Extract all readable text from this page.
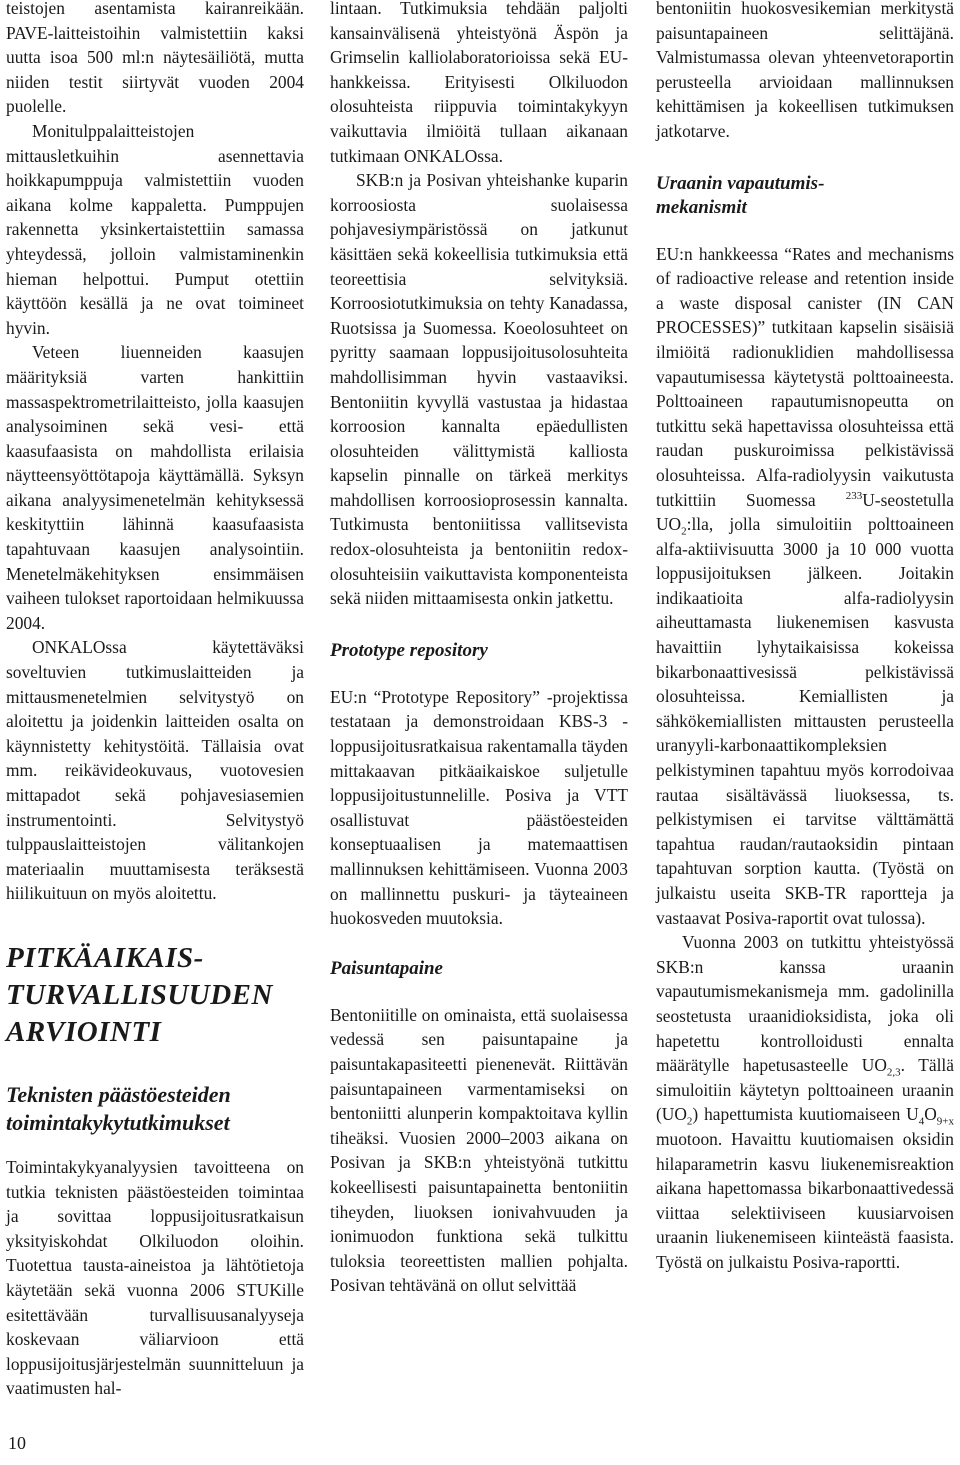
teistojen asentamista kairanreikään. PAVE-laitteistoihin valmistettiin kaksi uutta isoa 500 ml:n näytesäiliötä, mutta niiden testit siirtyvät vuoden 2004 puolelle.

Monitulppalaitteistojen mittausletkuihin asennettavia hoikkapumppuja valmistettiin vuoden aikana kolme kappaletta. Pumppujen rakennetta yksinkertaistettiin samassa yhteydessä, jolloin valmistaminenkin hieman helpottui. Pumput otettiin käyttöön kesällä ja ne ovat toimineet hyvin.

Veteen liuenneiden kaasujen määrityksiä varten hankittiin massaspektrometrilaitteisto, jolla kaasujen analysoiminen sekä vesi- että kaasufaasista on mahdollista erilaisia näytteensyöttötapoja käyttämällä. Syksyn aikana analyysimenetelmän kehityksessä keskityttiin lähinnä kaasufaasista tapahtuvaan kaasujen analysointiin. Menetelmäkehityksen ensimmäisen vaiheen tulokset raportoidaan helmikuussa 2004.

ONKALOssa käytettäväksi soveltuvien tutkimuslaitteiden ja mittausmenetelmien selvitystyö on aloitettu ja joidenkin laitteiden osalta on käynnistetty kehitystöitä. Tällaisia ovat mm. reikävideokuvaus, vuotovesien mittapadot sekä pohjavesiasemien instrumentointi. Selvitystyö tulppauslaitteistojen välitankojen materiaalin muuttamisesta teräksestä hiilikuituun on myös aloitettu.

PITKÄAIKAIS-TURVALLISUUDEN ARVIOINTI
Teknisten päästöesteiden toimintakykytutkimukset

Toimintakykyanalyysien tavoitteena on tutkia teknisten päästöesteiden toimintaa ja sovittaa loppusijoitusratkaisun yksityiskohdat Olkiluodon oloihin. Tuotettua tausta-aineistoa ja lähtötietoja käytetään sekä vuonna 2006 STUKille esitettävään turvallisuusanalyyseja koskevaan väliarvioon että loppusijoitusjärjestelmän suunnitteluun ja vaatimusten hal-

lintaan. Tutkimuksia tehdään paljolti kansainvälisenä yhteistyönä Äspön ja Grimselin kalliolaboratorioissa sekä EU-hankkeissa. Erityisesti Olkiluodon olosuhteista riippuvia toimintakykyyn vaikuttavia ilmiöitä tullaan aikanaan tutkimaan ONKALOssa.

SKB:n ja Posivan yhteishanke kuparin korroosiosta suolaisessa pohjavesiympäristössä on jatkunut käsittäen sekä kokeellisia tutkimuksia että teoreettisia selvityksiä. Korroosiotutkimuksia on tehty Kanadassa, Ruotsissa ja Suomessa. Koeolosuhteet on pyritty saamaan loppusijoitusolosuhteita mahdollisimman hyvin vastaaviksi. Bentoniitin kyvyllä vastustaa ja hidastaa korroosion kannalta epäedullisten olosuhteiden välittymistä kalliosta kapselin pinnalle on tärkeä merkitys mahdollisen korroosioprosessin kannalta. Tutkimusta bentoniitissa vallitsevista redox-olosuhteista ja bentoniitin redox-olosuhteisiin vaikuttavista komponenteista sekä niiden mittaamisesta onkin jatkettu.

Prototype repository

EU:n “Prototype Repository” -projektissa testataan ja demonstroidaan KBS-3 -loppusijoitusratkaisua rakentamalla täyden mittakaavan pitkäaikaiskoe suljetulle loppusijoitustunnelille. Posiva ja VTT osallistuvat päästöesteiden konseptuaalisen ja matemaattisen mallinnuksen kehittämiseen. Vuonna 2003 on mallinnettu puskuri- ja täyteaineen huokosveden muutoksia.

Paisuntapaine

Bentoniitille on ominaista, että suolaisessa vedessä sen paisuntapaine ja paisuntakapasiteetti pienenevät. Riittävän paisuntapaineen varmentamiseksi on bentoniitti alunperin kompaktoitava kyllin tiheäksi. Vuosien 2000–2003 aikana on Posivan ja SKB:n yhteistyönä tutkittu kokeellisesti paisuntapainetta bentoniitin tiheyden, liuoksen ionivahvuuden ja ionimuodon funktiona sekä tulkittu tuloksia teoreettisten mallien pohjalta. Posivan tehtävänä on ollut selvittää

bentoniitin huokosvesikemian merkitystä paisuntapaineen selittäjänä. Valmistumassa olevan yhteenvetoraportin perusteella arvioidaan mallinnuksen kehittämisen ja kokeellisen tutkimuksen jatkotarve.

Uraanin vapautumis-
mekanismit

EU:n hankkeessa “Rates and mechanisms of radioactive release and retention inside a waste disposal canister (IN CAN PROCESSES)” tutkitaan kapselin sisäisiä ilmiöitä radionuklidien mahdollisessa vapautumisessa käytetystä polttoaineesta. Polttoaineen rapautumisnopeutta on tutkittu sekä hapettavissa olosuhteissa että raudan puskuroimissa pelkistävissä olosuhteissa. Alfa-radiolyysin vaikutusta tutkittiin Suomessa $^{233}$U-seostetulla $UO_2:lla$, jolla simuloitiin polttoaineen alfa-aktiivisuutta 3000 ja 10 000 vuotta loppusijoituksen jälkeen. Joitakin indikaatioita alfa-radiolyysin aiheuttamasta liukenemisen kasvusta havaittiin lyhytaikaisissa kokeissa bikarbonaattivesissä pelkistävissä olosuhteissa. Kemiallisten ja sähkökemiallisten mittausten perusteella uranyyli-karbonaattikompleksien pelkistyminen tapahtuu myös korrodoivaa rautaa sisältävässä liuoksessa, ts. pelkistymisen ei tarvitse välttämättä tapahtua raudan/rautaoksidin pintaan tapahtuvan sorption kautta. (Työstä on julkaistu useita SKB-TR raportteja ja vastaavat Posiva-raportit ovat tulossa).

Vuonna 2003 on tutkittu yhteistyössä SKB:n kanssa uraanin vapautumismekanismeja mm. gadolinilla seostetusta uraanidioksidista, joka oli hapetettu kontrolloidusti ennalta määrätylle hapetusasteelle $UO_{2,3}$. Tällä simuloitiin käytetyn polttoaineen uraanin $(UO_2)$ hapettumista kuutiomaiseen $U_4O_{9+x}$ muotoon. Havaittu kuutiomaisen oksidin hilaparametrin kasvu liukenemisreaktion aikana hapettomassa bikarbonaattivedessä viittaa selektiiviseen kuusiarvoisen uraanin liukenemiseen kiinteästä faasista. Työstä on julkaistu Posiva-raportti.

10
